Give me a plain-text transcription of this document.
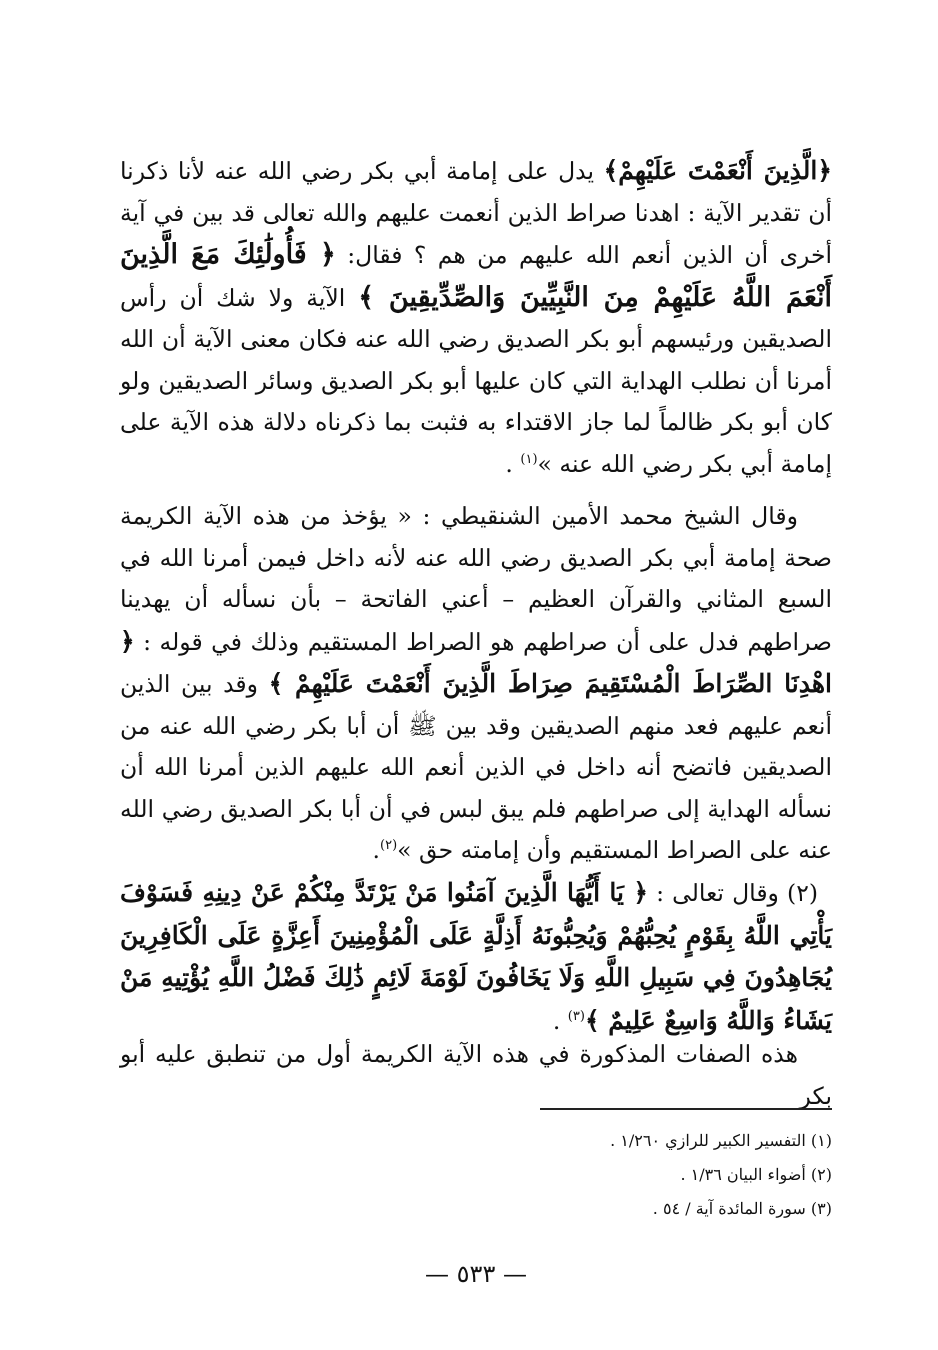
﴿الَّذِينَ أَنْعَمْتَ عَلَيْهِمْ﴾ يدل على إمامة أبي بكر رضي الله عنه لأنا ذكرنا أن تقدير الآية : اهدنا صراط الذين أنعمت عليهم والله تعالى قد بين في آية أخرى أن الذين أنعم الله عليهم من هم ؟ فقال: ﴿ فَأُولَٰئِكَ مَعَ الَّذِينَ أَنْعَمَ اللَّهُ عَلَيْهِمْ مِنَ النَّبِيِّينَ وَالصِّدِّيقِينَ ﴾ الآية ولا شك أن رأس الصديقين ورئيسهم أبو بكر الصديق رضي الله عنه فكان معنى الآية أن الله أمرنا أن نطلب الهداية التي كان عليها أبو بكر الصديق وسائر الصديقين ولو كان أبو بكر ظالماً لما جاز الاقتداء به فثبت بما ذكرناه دلالة هذه الآية على إمامة أبي بكر رضي الله عنه »$^{(١)}$ .

وقال الشيخ محمد الأمين الشنقيطي : « يؤخذ من هذه الآية الكريمة صحة إمامة أبي بكر الصديق رضي الله عنه لأنه داخل فيمن أمرنا الله في السبع المثاني والقرآن العظيم – أعني الفاتحة – بأن نسأله أن يهدينا صراطهم فدل على أن صراطهم هو الصراط المستقيم وذلك في قوله : ﴿ اهْدِنَا الصِّرَاطَ الْمُسْتَقِيمَ صِرَاطَ الَّذِينَ أَنْعَمْتَ عَلَيْهِمْ ﴾ وقد بين الذين أنعم عليهم فعد منهم الصديقين وقد بين ﷺ أن أبا بكر رضي الله عنه من الصديقين فاتضح أنه داخل في الذين أنعم الله عليهم الذين أمرنا الله أن نسأله الهداية إلى صراطهم فلم يبق لبس في أن أبا بكر الصديق رضي الله عنه على الصراط المستقيم وأن إمامته حق »$^{(٢)}$.

(٢) وقال تعالى : ﴿ يَا أَيُّهَا الَّذِينَ آمَنُوا مَنْ يَرْتَدَّ مِنْكُمْ عَنْ دِينِهِ فَسَوْفَ يَأْتِي اللَّهُ بِقَوْمٍ يُحِبُّهُمْ وَيُحِبُّونَهُ أَذِلَّةٍ عَلَى الْمُؤْمِنِينَ أَعِزَّةٍ عَلَى الْكَافِرِينَ يُجَاهِدُونَ فِي سَبِيلِ اللَّهِ وَلَا يَخَافُونَ لَوْمَةَ لَائِمٍ ذَٰلِكَ فَضْلُ اللَّهِ يُؤْتِيهِ مَنْ يَشَاءُ وَاللَّهُ وَاسِعٌ عَلِيمٌ ﴾$^{(٣)}$ .

هذه الصفات المذكورة في هذه الآية الكريمة أول من تنطبق عليه أبو بكر

(١) التفسير الكبير للرازي ١/٢٦٠ .
(٢) أضواء البيان ١/٣٦ .
(٣) سورة المائدة آية / ٥٤ .
— ٥٣٣ —
